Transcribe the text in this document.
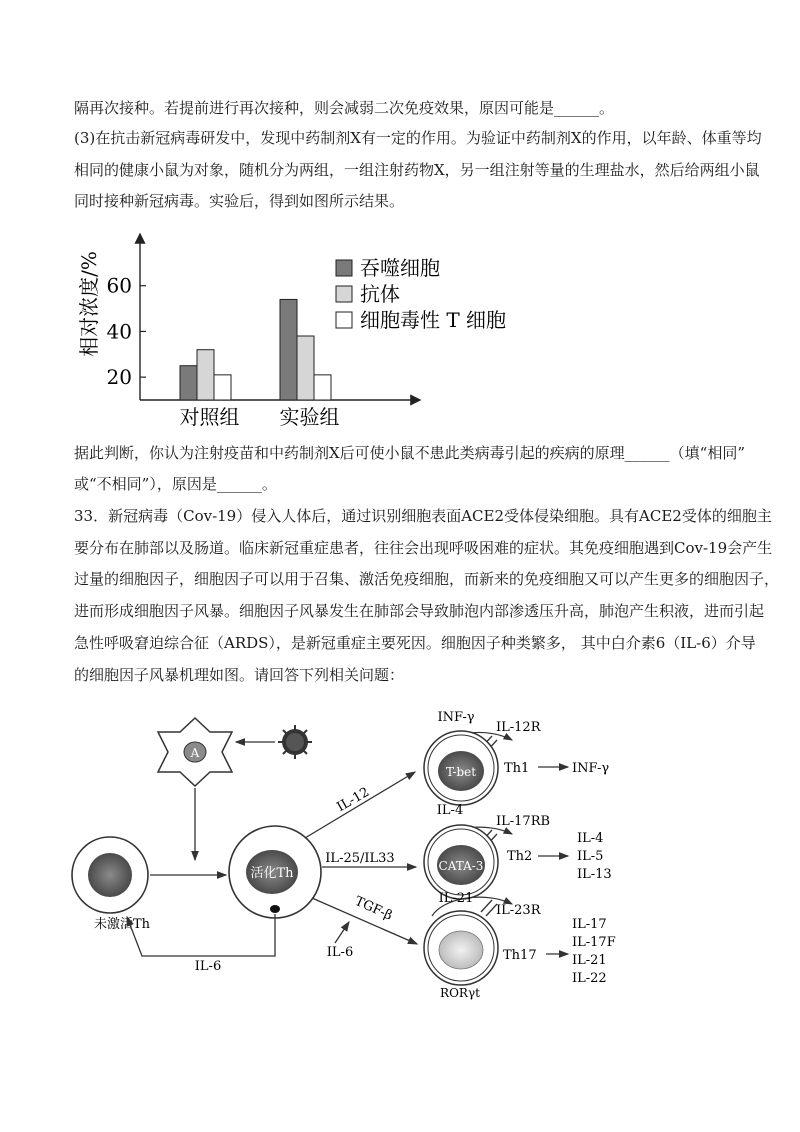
隔再次接种。若提前进行再次接种，则会减弱二次免疫效果，原因可能是______。
(3)在抗击新冠病毒研发中，发现中药制剂X有一定的作用。为验证中药制剂X的作用，以年龄、体重等均
相同的健康小鼠为对象，随机分为两组，一组注射药物X，另一组注射等量的生理盐水，然后给两组小鼠
同时接种新冠病毒。实验后，得到如图所示结果。
相对浓度/%
20
40
60
对照组 实验组
吞噬细胞
抗体
细胞毒性 T 细胞
据此判断，你认为注射疫苗和中药制剂X后可使小鼠不患此类病毒引起的疾病的原理______（填“相同”
或“不相同”），原因是______。
33．新冠病毒（Cov-19）侵入人体后，通过识别细胞表面ACE2受体侵染细胞。具有ACE2受体的细胞主
要分布在肺部以及肠道。临床新冠重症患者，往往会出现呼吸困难的症状。其免疫细胞遇到Cov-19会产生
过量的细胞因子，细胞因子可以用于召集、激活免疫细胞，而新来的免疫细胞又可以产生更多的细胞因子，
进而形成细胞因子风暴。细胞因子风暴发生在肺部会导致肺泡内部渗透压升高，肺泡产生积液，进而引起
急性呼吸窘迫综合征（ARDS），是新冠重症主要死因。细胞因子种类繁多， 其中白介素6（IL-6）介导
的细胞因子风暴机理如图。请回答下列相关问题：
A
未激活Th
活化Th
IL-6
IL-12
IL-25/IL33
TGF-β
IL-6
INF-γ
IL-12R
T-bet Th1	INF-γ
IL-4
IL-17RB
CATA-3
Th2
IL-4
IL-5
IL-13
IL-21
IL-23R
RORγt
Th17
IL-17
IL-17F
IL-21
IL-22
